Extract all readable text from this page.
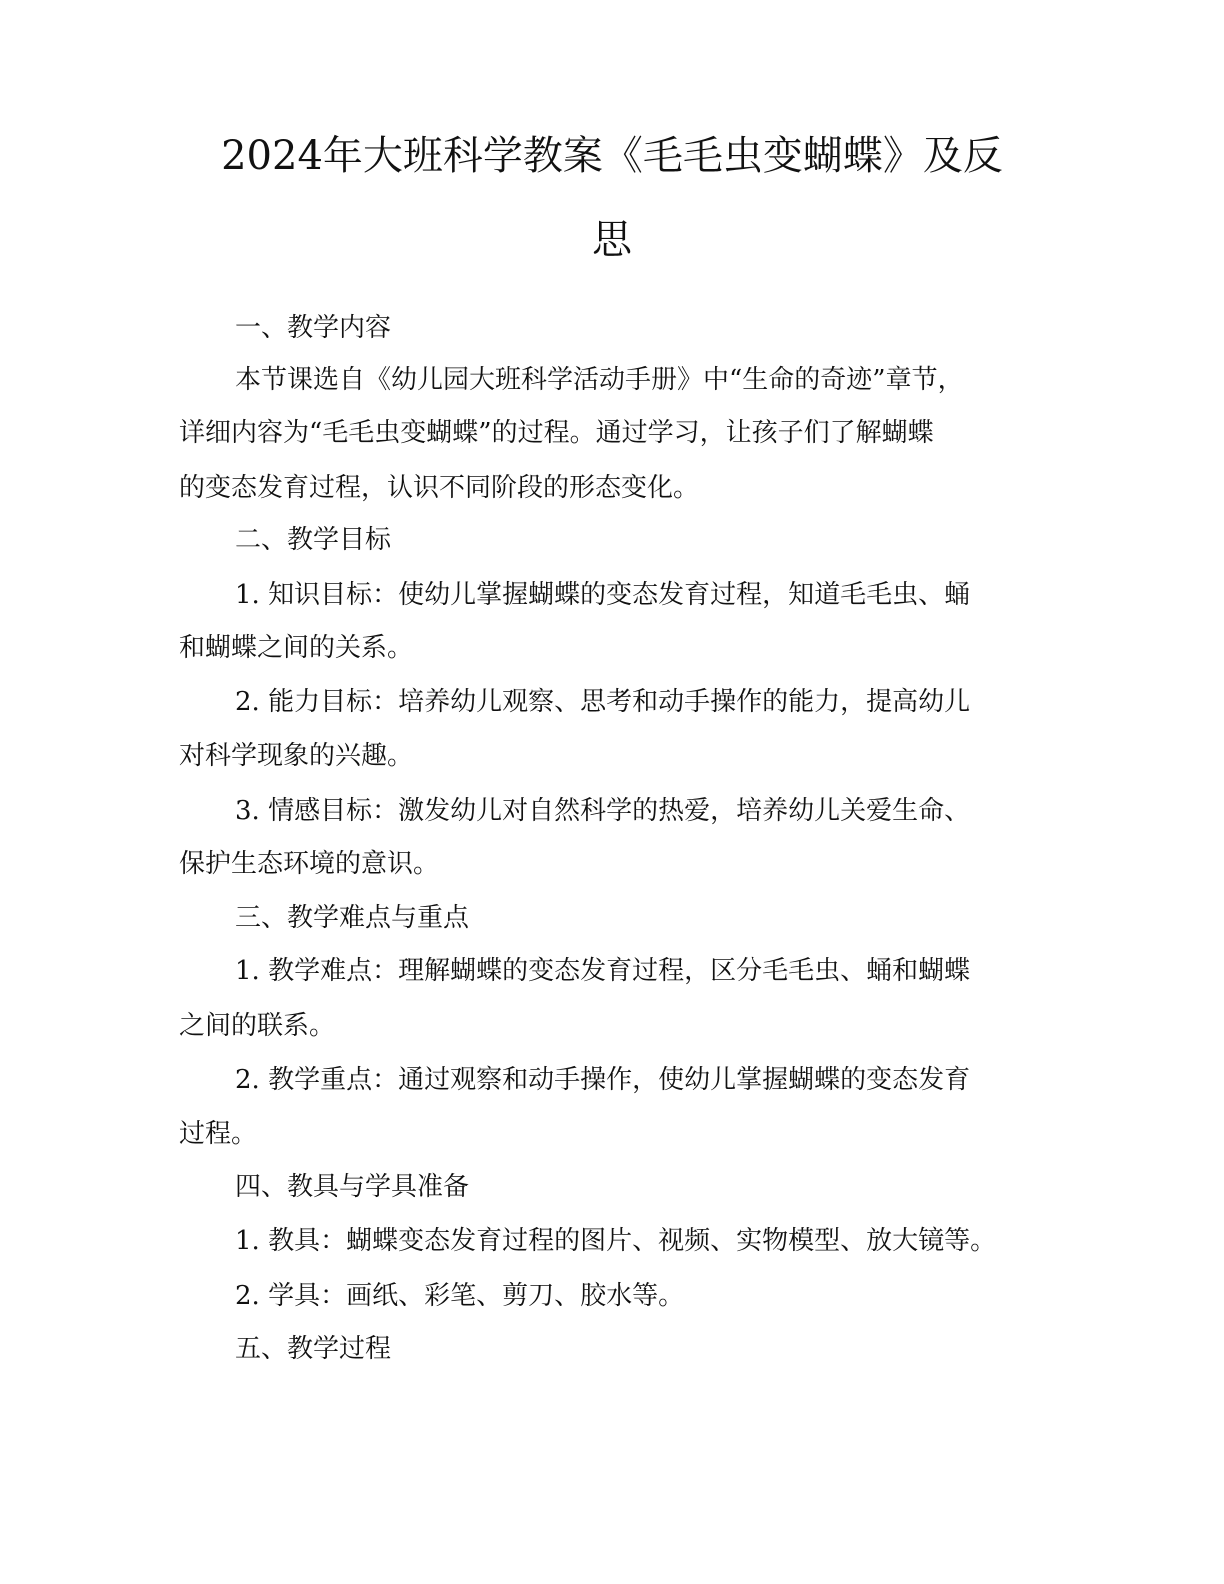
2024年大班科学教案《毛毛虫变蝴蝶》及反
思
一、教学内容
本节课选自《幼儿园大班科学活动手册》中“生命的奇迹”章节，
详细内容为“毛毛虫变蝴蝶”的过程。通过学习，让孩子们了解蝴蝶
的变态发育过程，认识不同阶段的形态变化。
二、教学目标
1. 知识目标：使幼儿掌握蝴蝶的变态发育过程，知道毛毛虫、蛹
和蝴蝶之间的关系。
2. 能力目标：培养幼儿观察、思考和动手操作的能力，提高幼儿
对科学现象的兴趣。
3. 情感目标：激发幼儿对自然科学的热爱，培养幼儿关爱生命、
保护生态环境的意识。
三、教学难点与重点
1. 教学难点：理解蝴蝶的变态发育过程，区分毛毛虫、蛹和蝴蝶
之间的联系。
2. 教学重点：通过观察和动手操作，使幼儿掌握蝴蝶的变态发育
过程。
四、教具与学具准备
1. 教具：蝴蝶变态发育过程的图片、视频、实物模型、放大镜等。
2. 学具：画纸、彩笔、剪刀、胶水等。
五、教学过程
